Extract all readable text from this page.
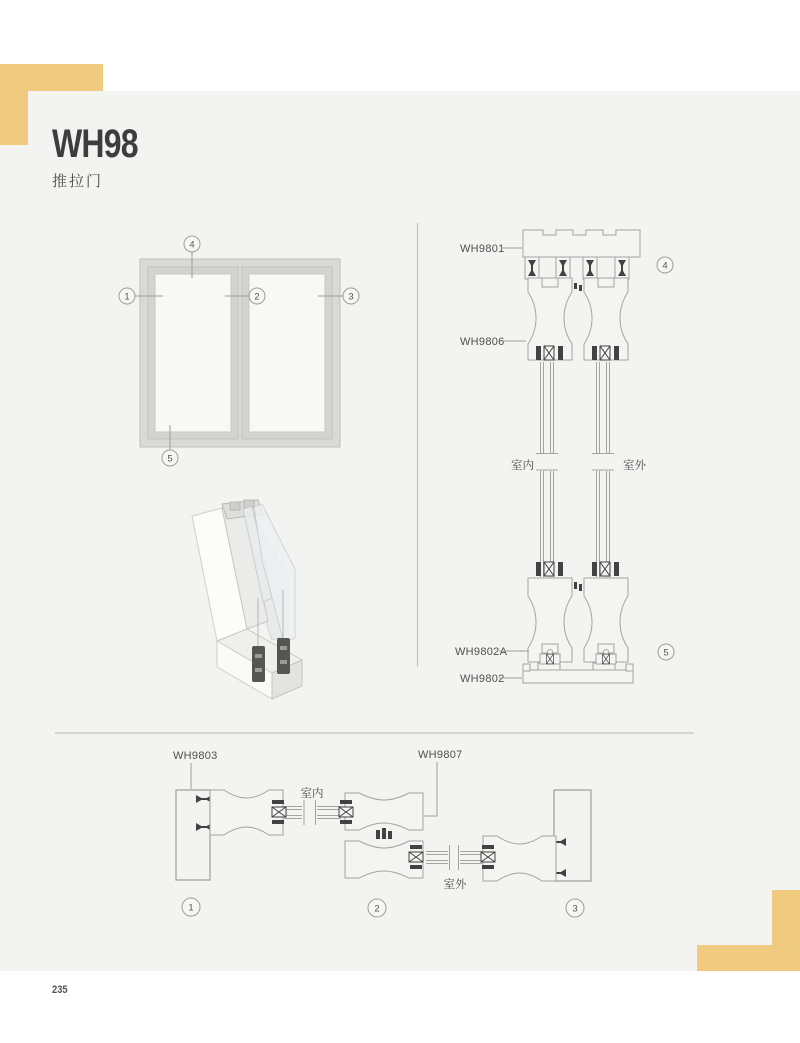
WH98
推拉门
235
4
1	2	3
5
室内	室外
WH9801
WH9806
WH9802A
WH9802
4
5
WH9803	WH9807
室内
室外
1	2	3
